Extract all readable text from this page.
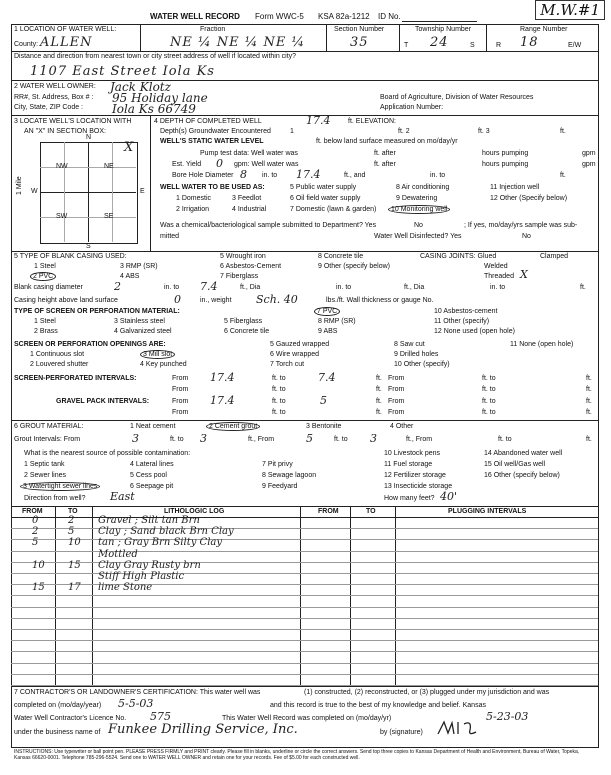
M.W.#1
WATER WELL RECORD Form WWC-5 KSA 82a-1212 ID No.
1 LOCATION OF WATER WELL:
County: ALLEN
Fraction
NE ¼ NE ¼ NE ¼
Section Number
35
Township Number
T 24	S
Range Number
R 18	E/W
Distance and direction from nearest town or city street address of well if located within city?
1107 East Street Iola Ks
2 WATER WELL OWNER: Jack Klotz
RR#, St. Address, Box # : 95 Holiday lane
City, State, ZIP Code : Iola Ks 66749
Board of Agriculture, Division of Water Resources
Application Number:
3 LOCATE WELL'S LOCATION WITH
AN "X" IN SECTION BOX:
N
S
W	E
NW	NE
SW	SE
1 Mile
X
4 DEPTH OF COMPLETED WELL	17.4	ft. ELEVATION:
Depth(s) Groundwater Encountered	1	ft. 2	ft. 3	ft.
WELL'S STATIC WATER LEVEL	ft. below land surface measured on mo/day/yr
Pump test data: Well water was	ft. after	hours pumping	gpm
Est. Yield 0 gpm: Well water was	ft. after	hours pumping	gpm
Bore Hole Diameter 8 in. to 17.4	ft., and	in. to	ft.
WELL WATER TO BE USED AS:	5 Public water supply	8 Air conditioning	11 Injection well
1 Domestic	3 Feedlot	6 Oil field water supply	9 Dewatering	12 Other (Specify below)
2 Irrigation	4 Industrial	7 Domestic (lawn & garden)	10 Monitoring well
Was a chemical/bacteriological sample submitted to Department? Yes	No	; If yes, mo/day/yrs sample was sub-
mitted	Water Well Disinfected? Yes	No
5 TYPE OF BLANK CASING USED:	5 Wrought iron	8 Concrete tile
1 Steel	3 RMP (SR)	6 Asbestos-Cement	9 Other (specify below)
2 PVC	4 ABS	7 Fiberglass
CASING JOINTS: Glued	Clamped
Welded
Threaded X
Blank casing diameter	2	in. to 7.4	ft., Dia	in. to	ft., Dia	in. to	ft.
Casing height above land surface	0	in., weight Sch. 40	lbs./ft. Wall thickness or gauge No.
TYPE OF SCREEN OR PERFORATION MATERIAL:	7 PVC	10 Asbestos-cement
1 Steel	3 Stainless steel	5 Fiberglass	8 RMP (SR)	11 Other (specify)
2 Brass	4 Galvanized steel	6 Concrete tile	9 ABS	12 None used (open hole)
SCREEN OR PERFORATION OPENINGS ARE:	5 Gauzed wrapped	8 Saw cut	11 None (open hole)
1 Continuous slot	3 Mill slot	6 Wire wrapped	9 Drilled holes
2 Louvered shutter	4 Key punched	7 Torch cut	10 Other (specify)
SCREEN-PERFORATED INTERVALS:	From 17.4	ft. to	7.4	ft. From	ft. to	ft.
From	ft. to	ft. From	ft. to	ft.
GRAVEL PACK INTERVALS:	From 17.4	ft. to	5	ft. From	ft. to	ft.
From	ft. to	ft. From	ft. to	ft.
6 GROUT MATERIAL:	1 Neat cement	2 Cement grout	3 Bentonite	4 Other
Grout Intervals: From	3	ft. to 3	ft., From	5	ft. to 3	ft., From	ft. to	ft.
What is the nearest source of possible contamination:	10 Livestock pens	14 Abandoned water well
1 Septic tank	4 Lateral lines	7 Pit privy	11 Fuel storage	15 Oil well/Gas well
2 Sewer lines	5 Cess pool	8 Sewage lagoon	12 Fertilizer storage	16 Other (specify below)
3 Watertight sewer lines	6 Seepage pit	9 Feedyard	13 Insecticide storage
Direction from well? East	How many feet? 40'
FROM	TO	LITHOLOGIC LOG	FROM	TO	PLUGGING INTERVALS
0	2 Gravel ; Silt tan Brn
2	5 Clay ; Sand black Brn Clay
5	10 tan ; Gray Brn Silty Clay
Mottled
10 15 Clay Gray Rusty brn
Stiff High Plastic
15 17 lime Stone
7 CONTRACTOR'S OR LANDOWNER'S CERTIFICATION: This water well was	(1) constructed, (2) reconstructed, or (3) plugged under my jurisdiction and was
completed on (mo/day/year) 5-5-03	and this record is true to the best of my knowledge and belief. Kansas
Water Well Contractor's Licence No. 575	This Water Well Record was completed on (mo/day/yr)	5-23-03
under the business name of Funkee Drilling Service, Inc.	by (signature)
INSTRUCTIONS: Use typewriter or ball point pen. PLEASE PRESS FIRMLY and PRINT clearly. Please fill in blanks, underline or circle the correct answers. Send top three copies to Kansas Department of Health and Environment, Bureau of Water, Topeka, Kansas 66620-0001. Telephone 785-296-5524. Send one to WATER WELL OWNER and retain one for your records. Fee of $5.00 for each constructed well.
